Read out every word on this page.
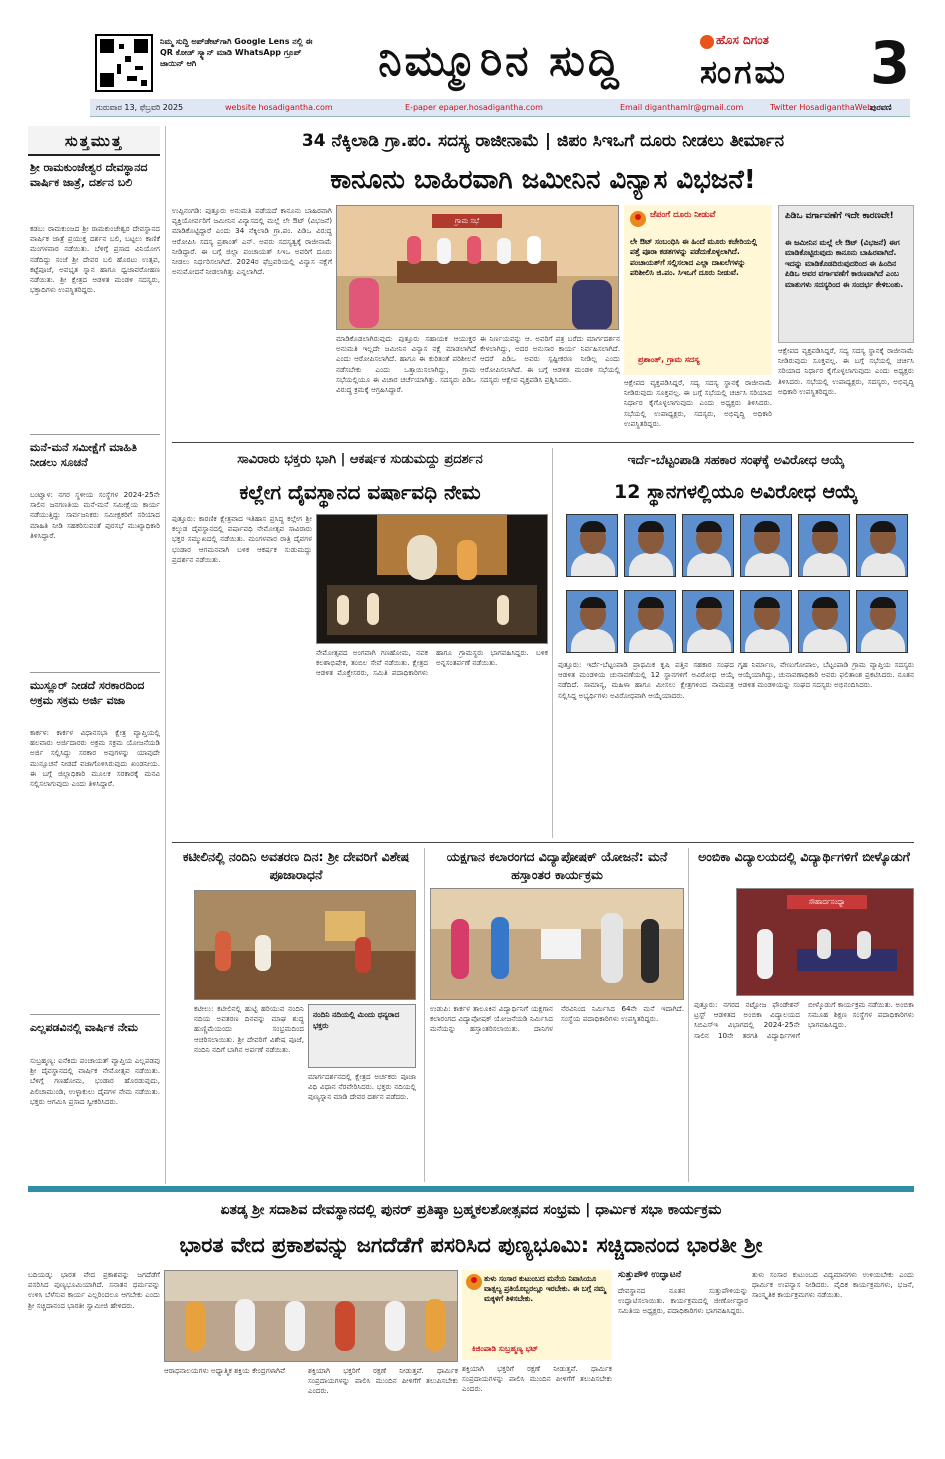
ನಿಮ್ಮ ಸುದ್ದಿ ಅಪ್‌ಡೇಟ್‌ಗಾಗಿ Google Lens ನಲ್ಲಿ ಈ QR ಕೋಡ್ ಸ್ಕ್ಯಾನ್ ಮಾಡಿ WhatsApp ಗ್ರೂಪ್ ಜಾಯಿನ್ ಆಗಿ	ನಿಮ್ಮೂರಿನ ಸುದ್ದಿ	ಹೊಸ ದಿಗಂತ
ಸಂಗಮ	3
ಗುರುವಾರ 13, ಫೆಬ್ರವರಿ 2025	website hosadigantha.com	E-paper epaper.hosadigantha.com	Email diganthamlr@gmail.com	Twitter HosadiganthaWeb
ಪುರವಣಿ
ಸುತ್ತಮುತ್ತ
ಶ್ರೀ ರಾಮಕುಂಜೇಶ್ವರ ದೇವಸ್ಥಾನದ ವಾರ್ಷಿಕ ಜಾತ್ರೆ, ದರ್ಶನ ಬಲಿ
ಕಡಬ: ರಾಮಕುಂಜದ ಶ್ರೀ ರಾಮಕುಂಜೇಶ್ವರ ದೇವಸ್ಥಾನದ ವಾರ್ಷಿಕ ಜಾತ್ರೆ ಪ್ರಯುಕ್ತ ದರ್ಶನ ಬಲಿ, ಬಟ್ಟಲು ಕಾಣಿಕೆ ಮಂಗಳವಾರ ನಡೆಯಿತು. ಬೆಳಿಗ್ಗೆ ಪ್ರಸಾದ ವಿನಿಯೋಗ ನಡೆದಿದ್ದು ಸಂಜೆ ಶ್ರೀ ದೇವರ ಬಲಿ ಹೊರಟು ಉತ್ಸವ, ಕಟ್ಟೆಪೂಜೆ, ಅವಭೃತ ಸ್ನಾನ ಹಾಗೂ ಧ್ವಜಾವರೋಹಣ ನಡೆಯಿತು. ಶ್ರೀ ಕ್ಷೇತ್ರದ ಆಡಳಿತ ಮಂಡಳಿ ಸದಸ್ಯರು, ಭಕ್ತಾದಿಗಳು ಉಪಸ್ಥಿತರಿದ್ದರು.
ಮನೆ-ಮನೆ ಸಮೀಕ್ಷೆಗೆ ಮಾಹಿತಿ ನೀಡಲು ಸೂಚನೆ
ಬಂಟ್ವಾಳ: ನಗರ ಸ್ಥಳೀಯ ಸಂಸ್ಥೆಗಳ 2024-25ನೇ ಸಾಲಿನ ಜನಗಣತಿಯ ಮನೆ-ಮನೆ ಸಮೀಕ್ಷೆಯ ಕಾರ್ಯ ನಡೆಯುತ್ತಿದ್ದು ಸಾರ್ವಜನಿಕರು ಸಮೀಕ್ಷಕರಿಗೆ ಸರಿಯಾದ ಮಾಹಿತಿ ನೀಡಿ ಸಹಕರಿಸುವಂತೆ ಪುರಸಭೆ ಮುಖ್ಯಾಧಿಕಾರಿ ತಿಳಿಸಿದ್ದಾರೆ.
ಮುಸ್ಲೂರ್ ನೀಡದೆ ಸರಕಾರದಿಂದ ಅಕ್ರಮ ಸಕ್ರಮ ಅರ್ಜಿ ವಜಾ
ಕಾರ್ಕಳ: ಕಾರ್ಕಳ ವಿಧಾನಸಭಾ ಕ್ಷೇತ್ರ ವ್ಯಾಪ್ತಿಯಲ್ಲಿ ಹಲವಾರು ಅರ್ಜಿದಾರರು ಅಕ್ರಮ ಸಕ್ರಮ ಯೋಜನೆಯಡಿ ಅರ್ಜಿ ಸಲ್ಲಿಸಿದ್ದು ಸರಕಾರ ಅವುಗಳನ್ನು ಯಾವುದೇ ಮುನ್ಸೂಚನೆ ನೀಡದೆ ವಜಾಗೊಳಿಸಿರುವುದು ಖಂಡನೀಯ. ಈ ಬಗ್ಗೆ ಜಿಲ್ಲಾಧಿಕಾರಿ ಮೂಲಕ ಸರಕಾರಕ್ಕೆ ಮನವಿ ಸಲ್ಲಿಸಲಾಗುವುದು ಎಂದು ತಿಳಿಸಿದ್ದಾರೆ.
ಎಲ್ಲಪಡವಿನಲ್ಲಿ ವಾರ್ಷಿಕ ನೇಮ
ಸುಬ್ರಹ್ಮಣ್ಯ: ಐನೆಕಿದು ಪಂಚಾಯತ್ ವ್ಯಾಪ್ತಿಯ ಎಲ್ಲಪಡವು ಶ್ರೀ ದೈವಸ್ಥಾನದಲ್ಲಿ ವಾರ್ಷಿಕ ನೇಮೋತ್ಸವ ನಡೆಯಿತು. ಬೆಳಿಗ್ಗೆ ಗಣಹೋಮ, ಭಂಡಾರ ಹೊರಡುವುದು, ಪಿಲಿಚಾಮುಂಡಿ, ಉಳ್ಳಾಕುಲು ದೈವಗಳ ನೇಮ ನಡೆಯಿತು. ಭಕ್ತರು ಆಗಮಿಸಿ ಪ್ರಸಾದ ಸ್ವೀಕರಿಸಿದರು.
34 ನೆಕ್ಕಿಲಾಡಿ ಗ್ರಾ.ಪಂ. ಸದಸ್ಯ ರಾಜೀನಾಮೆ | ಜಿಪಂ ಸಿಇಒಗೆ ದೂರು ನೀಡಲು ತೀರ್ಮಾನ
ಕಾನೂನು ಬಾಹಿರವಾಗಿ ಜಮೀನಿನ ವಿನ್ಯಾಸ ವಿಭಜನೆ!
ಉಪ್ಪಿನಂಗಡಿ: ಪುತ್ತೂರು ಅನುಮತಿ ಪಡೆಯದೆ ಕಾನೂನು ಬಾಹಿರವಾಗಿ ವ್ಯಕ್ತಿಯೋರ್ವರಿಗೆ ಜಮೀನಿನ ವಿನ್ಯಾಸದಲ್ಲಿ ಮಲ್ಲೆ ಲೇ ಔಟ್ (ವಿಭಜನೆ) ಮಾಡಿಕೊಟ್ಟಿದ್ದಾರೆ ಎಂದು 34 ನೆಕ್ಕಿಲಾಡಿ ಗ್ರಾ.ಪಂ. ಪಿಡಿಒ ವಿರುದ್ಧ ಆರೋಪಿಸಿ ಸದಸ್ಯ ಪ್ರಶಾಂತ್ ಎನ್. ಅವರು ಸದಸ್ಯತ್ವಕ್ಕೆ ರಾಜೀನಾಮೆ ನೀಡಿದ್ದಾರೆ. ಈ ಬಗ್ಗೆ ಜಿಲ್ಲಾ ಪಂಚಾಯತ್ ಸಿಇಒ ಅವರಿಗೆ ದೂರು ನೀಡಲು ನಿರ್ಧರಿಸಲಾಗಿದೆ. 2024ರ ಫೆಬ್ರವರಿಯಲ್ಲಿ ವಿನ್ಯಾಸ ನಕ್ಷೆಗೆ ಅನುಮೋದನೆ ನೀಡಲಾಗಿತ್ತು ಎನ್ನಲಾಗಿದೆ.
ಗ್ರಾಮ ಸಭೆ
ಮಾಡಿಕೊಡಲಾಗಿರುವುದು ಪುತ್ತೂರು ಸಹಾಯಕ ಆಯುಕ್ತರ ಅನುಮತಿ ಇಲ್ಲದೇ ಜಮೀನಿನ ವಿನ್ಯಾಸ ನಕ್ಷೆ ಮಾಡಲಾಗಿದೆ ಎಂದು ಆರೋಪಿಸಲಾಗಿದೆ. ಹಾಗೂ ಈ ಕುರಿತಂತೆ ಪರಿಶೀಲನೆ ನಡೆಸಬೇಕು ಎಂದು ಒತ್ತಾಯಿಸಲಾಗಿದ್ದು, ಗ್ರಾಮ ಸಭೆಯಲ್ಲಿಯೂ ಈ ವಿಚಾರ ಚರ್ಚೆಯಾಗಿತ್ತು. ಸದಸ್ಯರು ಪಿಡಿಒ ವಿರುದ್ಧ ಕ್ರಮಕ್ಕೆ ಆಗ್ರಹಿಸಿದ್ದಾರೆ.
ಈ ನಿರ್ಣಯವನ್ನು ಆ. ಅವರಿಗೆ ಪತ್ರ ಬರೆದು ಮಾರ್ಗದರ್ಶನ ಕೇಳಲಾಗಿದ್ದು, ಅದರ ಅನುಸಾರ ಕಾರ್ಯ ನಿರ್ವಹಿಸಲಾಗಿದೆ. ಆದರೆ ಪಿಡಿಒ ಅವರು ಸ್ಪಷ್ಟೀಕರಣ ನೀಡಿಲ್ಲ ಎಂದು ಆರೋಪಿಸಲಾಗಿದೆ. ಈ ಬಗ್ಗೆ ಆಡಳಿತ ಮಂಡಳಿ ಸಭೆಯಲ್ಲಿ ಸದಸ್ಯರು ಆಕ್ಷೇಪ ವ್ಯಕ್ತಪಡಿಸಿ ಪ್ರಶ್ನಿಸಿದರು.
ಜೆಪಂಗೆ ದೂರು ನೀಡುವೆ
ಲೇ ಔಟ್ ಸಂಬಂಧಿಸಿ ಈ ಹಿಂದೆ ಮೂರು ಕಚೇರಿಯಲ್ಲಿ ಪತ್ತೆ ಪೂರಾ ಕಡತಗಳನ್ನು ಪಡೆದುಕೊಳ್ಳಲಾಗಿದೆ. ಪಂಚಾಯತ್‌ಗೆ ಸಲ್ಲಿಸಲಾದ ಎಲ್ಲಾ ದಾಖಲೆಗಳನ್ನು ಪರಿಶೀಲಿಸಿ ಜಿ.ಪಂ. ಸಿಇಒಗೆ ದೂರು ನೀಡುವೆ.
ಪ್ರಶಾಂತ್, ಗ್ರಾಮ ಸದಸ್ಯ
ಆಕ್ಷೇಪದ ವ್ಯಕ್ತಪಡಿಸಿದ್ದರೆ, ಸದ್ಯ ಸದಸ್ಯ ಸ್ಥಾನಕ್ಕೆ ರಾಜೀನಾಮೆ ನೀಡಿರುವುದು ಸೂಕ್ತವಲ್ಲ. ಈ ಬಗ್ಗೆ ಸಭೆಯಲ್ಲಿ ಚರ್ಚಿಸಿ ಸರಿಯಾದ ನಿರ್ಧಾರ ಕೈಗೊಳ್ಳಲಾಗುವುದು ಎಂದು ಅಧ್ಯಕ್ಷರು ತಿಳಿಸಿದರು. ಸಭೆಯಲ್ಲಿ ಉಪಾಧ್ಯಕ್ಷರು, ಸದಸ್ಯರು, ಅಭಿವೃದ್ಧಿ ಅಧಿಕಾರಿ ಉಪಸ್ಥಿತರಿದ್ದರು.
ಪಿಡಿಒ ವರ್ಗಾವಣೆಗೆ ಇದೇ ಕಾರಣವೇ!
ಈ ಜಮೀನಿನ ಮಲ್ಲೆ ಲೇ ಔಟ್ (ವಿಭಜನೆ) ಈಗ ಮಾಡಿಕೊಟ್ಟಿರುವುದು ಕಾನೂನು ಬಾಹಿರವಾಗಿದೆ. ಇದನ್ನು ಮಾಡಿಕೊಡದಿರುವುದರಿಂದ ಈ ಹಿಂದಿನ ಪಿಡಿಒ ಅವರ ವರ್ಗಾವಣೆಗೆ ಕಾರಣವಾಗಿದೆ ಎಂಬ ಮಾತುಗಳು ಸದಸ್ಯರಿಂದ ಈ ಸಂದರ್ಭ ಕೇಳಿಬಂತು.
ಆಕ್ಷೇಪದ ವ್ಯಕ್ತಪಡಿಸಿದ್ದರೆ, ಸದ್ಯ ಸದಸ್ಯ ಸ್ಥಾನಕ್ಕೆ ರಾಜೀನಾಮೆ ನೀಡಿರುವುದು ಸೂಕ್ತವಲ್ಲ. ಈ ಬಗ್ಗೆ ಸಭೆಯಲ್ಲಿ ಚರ್ಚಿಸಿ ಸರಿಯಾದ ನಿರ್ಧಾರ ಕೈಗೊಳ್ಳಲಾಗುವುದು ಎಂದು ಅಧ್ಯಕ್ಷರು ತಿಳಿಸಿದರು. ಸಭೆಯಲ್ಲಿ ಉಪಾಧ್ಯಕ್ಷರು, ಸದಸ್ಯರು, ಅಭಿವೃದ್ಧಿ ಅಧಿಕಾರಿ ಉಪಸ್ಥಿತರಿದ್ದರು.
ಸಾವಿರಾರು ಭಕ್ತರು ಭಾಗಿ | ಆಕರ್ಷಕ ಸುಡುಮದ್ದು ಪ್ರದರ್ಶನ
ಕಲ್ಲೇಗ ದೈವಸ್ಥಾನದ ವರ್ಷಾವಧಿ ನೇಮ
ಪುತ್ತೂರು: ಕಾರಣಿಕ ಕ್ಷೇತ್ರವಾದ ಇತಿಹಾಸ ಪ್ರಸಿದ್ಧ ಕಲ್ಲೇಗ ಶ್ರೀ ಕಲ್ಕುಡ ದೈವಸ್ಥಾನದಲ್ಲಿ ವರ್ಷಾವಧಿ ನೇಮೋತ್ಸವ ಸಾವಿರಾರು ಭಕ್ತರ ಸಮ್ಮುಖದಲ್ಲಿ ನಡೆಯಿತು. ಮಂಗಳವಾರ ರಾತ್ರಿ ದೈವಗಳ ಭಂಡಾರ ಆಗಮನವಾಗಿ ಬಳಿಕ ಆಕರ್ಷಕ ಸುಡುಮದ್ದು ಪ್ರದರ್ಶನ ನಡೆಯಿತು.
ನೇಮೋತ್ಸವದ ಅಂಗವಾಗಿ ಗಣಹೋಮ, ನವಕ ಕಲಶಾಭಿಷೇಕ, ತಂಬಿಲ ಸೇವೆ ನಡೆಯಿತು. ಕ್ಷೇತ್ರದ ಆಡಳಿತ ಮೊಕ್ತೇಸರರು, ಸಮಿತಿ ಪದಾಧಿಕಾರಿಗಳು ಹಾಗೂ ಗ್ರಾಮಸ್ಥರು ಭಾಗವಹಿಸಿದ್ದರು. ಬಳಿಕ ಅನ್ನಸಂತರ್ಪಣೆ ನಡೆಯಿತು.
ಇರ್ದೆ-ಬೆಟ್ಟಂಪಾಡಿ ಸಹಕಾರ ಸಂಘಕ್ಕೆ ಅವಿರೋಧ ಆಯ್ಕೆ
12 ಸ್ಥಾನಗಳಲ್ಲಿಯೂ ಅವಿರೋಧ ಆಯ್ಕೆ
ಪುತ್ತೂರು: ಇರ್ದೆ-ಬೆಟ್ಟಂಪಾಡಿ ಪ್ರಾಥಮಿಕ ಕೃಷಿ ಪತ್ತಿನ ಸಹಕಾರ ಸಂಘದ ಆಡಳಿತ ಮಂಡಳಿಯ ಚುನಾವಣೆಯಲ್ಲಿ 12 ಸ್ಥಾನಗಳಿಗೆ ಅವಿರೋಧ ಆಯ್ಕೆ ನಡೆದಿದೆ. ಸಾಮಾನ್ಯ, ಮಹಿಳಾ ಹಾಗೂ ಮೀಸಲು ಕ್ಷೇತ್ರಗಳಿಂದ ನಾಮಪತ್ರ ಸಲ್ಲಿಸಿದ್ದ ಅಭ್ಯರ್ಥಿಗಳು ಅವಿರೋಧವಾಗಿ ಆಯ್ಕೆಯಾದರು.
ಗೃಹ ನಿರ್ಮಾಣ, ವೇಣುಗೋಪಾಲ, ಬೆಟ್ಟಂಪಾಡಿ ಗ್ರಾಮ ವ್ಯಾಪ್ತಿಯ ಸದಸ್ಯರು ಆಯ್ಕೆಯಾಗಿದ್ದು, ಚುನಾವಣಾಧಿಕಾರಿ ಅವರು ಫಲಿತಾಂಶ ಪ್ರಕಟಿಸಿದರು. ನೂತನ ಆಡಳಿತ ಮಂಡಳಿಯನ್ನು ಸಂಘದ ಸದಸ್ಯರು ಅಭಿನಂದಿಸಿದರು.
ಕಟೀಲಿನಲ್ಲಿ ನಂದಿನಿ ಅವತರಣ ದಿನ: ಶ್ರೀ ದೇವರಿಗೆ ವಿಶೇಷ ಪೂಜಾರಾಧನೆ
ಕಟೀಲು: ಕಟೀಲಿನಲ್ಲಿ ಹುಟ್ಟಿ ಹರಿಯುವ ನಂದಿನಿ ನದಿಯ ಅವತರಣ ದಿನವನ್ನು ಮಾಘ ಶುದ್ಧ ಹುಣ್ಣಿಮೆಯಂದು ಸಂಭ್ರಮದಿಂದ ಆಚರಿಸಲಾಯಿತು. ಶ್ರೀ ದೇವರಿಗೆ ವಿಶೇಷ ಪೂಜೆ, ನಂದಿನಿ ನದಿಗೆ ಬಾಗಿನ ಅರ್ಪಣೆ ನಡೆಯಿತು.
ನಂದಿನಿ ನದಿಯಲ್ಲಿ ಮಿಂದು ಧನ್ಯರಾದ ಭಕ್ತರು
ಮಾರ್ಗದರ್ಶನದಲ್ಲಿ ಕ್ಷೇತ್ರದ ಅರ್ಚಕರು ಪೂಜಾ ವಿಧಿ ವಿಧಾನ ನೆರವೇರಿಸಿದರು. ಭಕ್ತರು ನದಿಯಲ್ಲಿ ಪುಣ್ಯಸ್ನಾನ ಮಾಡಿ ದೇವರ ದರ್ಶನ ಪಡೆದರು.
ಯಕ್ಷಗಾನ ಕಲಾರಂಗದ ವಿದ್ಯಾಪೋಷಕ್ ಯೋಜನೆ: ಮನೆ ಹಸ್ತಾಂತರ ಕಾರ್ಯಕ್ರಮ
ಉಡುಪಿ: ಕಾರ್ಕಳ ತಾಲೂಕಿನ ವಿದ್ಯಾರ್ಥಿನಿಗೆ ಯಕ್ಷಗಾನ ಕಲಾರಂಗದ ವಿದ್ಯಾಪೋಷಕ್ ಯೋಜನೆಯಡಿ ನಿರ್ಮಿಸಿದ ಮನೆಯನ್ನು ಹಸ್ತಾಂತರಿಸಲಾಯಿತು. ದಾನಿಗಳ ನೆರವಿನಿಂದ ನಿರ್ಮಿಸಿದ 64ನೇ ಮನೆ ಇದಾಗಿದೆ. ಸಂಸ್ಥೆಯ ಪದಾಧಿಕಾರಿಗಳು ಉಪಸ್ಥಿತರಿದ್ದರು.
ಅಂಬಿಕಾ ವಿದ್ಯಾಲಯದಲ್ಲಿ ವಿದ್ಯಾರ್ಥಿಗಳಿಗೆ ಬೀಳ್ಕೊಡುಗೆ
ಸೌಹಾರ್ದಸಂಧ್ಯಾ
ಪುತ್ತೂರು: ನಗರದ ನಟ್ಟೋಜ ಫೌಂಡೇಶನ್ ಟ್ರಸ್ಟ್ ಆಡಳಿತದ ಅಂಬಿಕಾ ವಿದ್ಯಾಲಯದ ಸಿಬಿಎಸ್‌ಇ ವಿಭಾಗದಲ್ಲಿ 2024-25ನೇ ಸಾಲಿನ 10ನೇ ತರಗತಿ ವಿದ್ಯಾರ್ಥಿಗಳಿಗೆ ಬೀಳ್ಕೊಡುಗೆ ಕಾರ್ಯಕ್ರಮ ನಡೆಯಿತು. ಅಂಬಿಕಾ ಸಮೂಹ ಶಿಕ್ಷಣ ಸಂಸ್ಥೆಗಳ ಪದಾಧಿಕಾರಿಗಳು ಭಾಗವಹಿಸಿದ್ದರು.
ಏತಡ್ಕ ಶ್ರೀ ಸದಾಶಿವ ದೇವಸ್ಥಾನದಲ್ಲಿ ಪುನರ್ ಪ್ರತಿಷ್ಠಾ ಬ್ರಹ್ಮಕಲಶೋತ್ಸವದ ಸಂಭ್ರಮ | ಧಾರ್ಮಿಕ ಸಭಾ ಕಾರ್ಯಕ್ರಮ
ಭಾರತ ವೇದ ಪ್ರಕಾಶವನ್ನು ಜಗದೆಡೆಗೆ ಪಸರಿಸಿದ ಪುಣ್ಯಭೂಮಿ: ಸಚ್ಚಿದಾನಂದ ಭಾರತೀ ಶ್ರೀ
ಬದಿಯಡ್ಕ: ಭಾರತ ವೇದ ಪ್ರಕಾಶವನ್ನು ಜಗದೆಡೆಗೆ ಪಸರಿಸಿದ ಪುಣ್ಯಭೂಮಿಯಾಗಿದೆ. ಸನಾತನ ಧರ್ಮವನ್ನು ಉಳಿಸಿ ಬೆಳೆಸುವ ಕಾರ್ಯ ಎಲ್ಲರಿಂದಲೂ ಆಗಬೇಕು ಎಂದು ಶ್ರೀ ಸಚ್ಚಿದಾನಂದ ಭಾರತೀ ಸ್ವಾಮೀಜಿ ಹೇಳಿದರು.
ಆರಾಧನಾಲಯಗಳು ಅಧ್ಯಾತ್ಮಿಕ ಶಕ್ತಿಯ ಕೇಂದ್ರಗಳಾಗಿವೆ	ಶಕ್ತಿಯಾಗಿ ಭಕ್ತರಿಗೆ ರಕ್ಷಣೆ ನೀಡುತ್ತವೆ. ಧಾರ್ಮಿಕ ಸಂಪ್ರದಾಯಗಳನ್ನು ಪಾಲಿಸಿ ಮುಂದಿನ ಪೀಳಿಗೆಗೆ ತಲುಪಿಸಬೇಕು ಎಂದರು.
ತುಳು ಸಂಸಾರ ಕುಟುಂಬದ ಮನೆಯ ನಿವಾಸಿಯೂ ವಾತ್ಸಲ್ಯ ಪ್ರತಿಯೊಬ್ಬರಲ್ಲೂ ಇರಬೇಕು. ಈ ಬಗ್ಗೆ ನಮ್ಮ ಮಕ್ಕಳಿಗೆ ತಿಳಿಸಬೇಕು.
ಕಿಜಿಂಪಾಡಿ ಸುಬ್ರಹ್ಮಣ್ಯ ಭಟ್
ಶಕ್ತಿಯಾಗಿ ಭಕ್ತರಿಗೆ ರಕ್ಷಣೆ ನೀಡುತ್ತವೆ. ಧಾರ್ಮಿಕ ಸಂಪ್ರದಾಯಗಳನ್ನು ಪಾಲಿಸಿ ಮುಂದಿನ ಪೀಳಿಗೆಗೆ ತಲುಪಿಸಬೇಕು ಎಂದರು.
ಸುತ್ತುಪೌಳಿ ಉದ್ಘಾಟನೆ
ದೇವಸ್ಥಾನದ ನೂತನ ಸುತ್ತುಪೌಳಿಯನ್ನು ಉದ್ಘಾಟಿಸಲಾಯಿತು. ಕಾರ್ಯಕ್ರಮದಲ್ಲಿ ಜೀರ್ಣೋದ್ಧಾರ ಸಮಿತಿಯ ಅಧ್ಯಕ್ಷರು, ಪದಾಧಿಕಾರಿಗಳು ಭಾಗವಹಿಸಿದ್ದರು.
ತುಳು ಸಂಸಾರ ಕುಟುಂಬದ ವಿದ್ಯಮಾನಗಳು ಉಳಿಯಬೇಕು ಎಂದು ಧಾರ್ಮಿಕ ಉಪನ್ಯಾಸ ನೀಡಿದರು. ವೈದಿಕ ಕಾರ್ಯಕ್ರಮಗಳು, ಭಜನೆ, ಸಾಂಸ್ಕೃತಿಕ ಕಾರ್ಯಕ್ರಮಗಳು ನಡೆಯಿತು.
